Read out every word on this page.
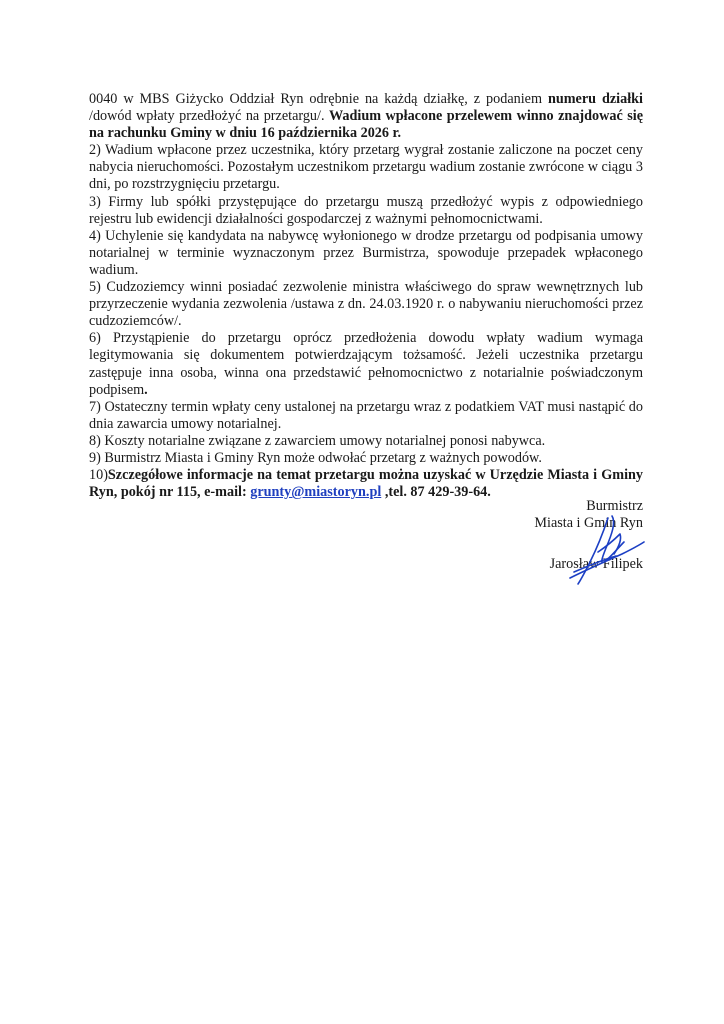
0040 w MBS Giżycko Oddział Ryn odrębnie na każdą działkę, z podaniem numeru działki /dowód wpłaty przedłożyć na przetargu/. Wadium wpłacone przelewem winno znajdować się na rachunku Gminy w dniu 16 października 2026 r.

2) Wadium wpłacone przez uczestnika, który przetarg wygrał zostanie zaliczone na poczet ceny nabycia nieruchomości. Pozostałym uczestnikom przetargu wadium zostanie zwrócone w ciągu 3 dni, po rozstrzygnięciu przetargu.

3) Firmy lub spółki przystępujące do przetargu muszą przedłożyć wypis z odpowiedniego rejestru lub ewidencji działalności gospodarczej z ważnymi pełnomocnictwami.

4) Uchylenie się kandydata na nabywcę wyłonionego w drodze przetargu od podpisania umowy notarialnej w terminie wyznaczonym przez Burmistrza, spowoduje przepadek wpłaconego wadium.

5) Cudzoziemcy winni posiadać zezwolenie ministra właściwego do spraw wewnętrznych lub przyrzeczenie wydania zezwolenia /ustawa z dn. 24.03.1920 r. o nabywaniu nieruchomości przez cudzoziemców/.

6) Przystąpienie do przetargu oprócz przedłożenia dowodu wpłaty wadium wymaga legitymowania się dokumentem potwierdzającym tożsamość. Jeżeli uczestnika przetargu zastępuje inna osoba, winna ona przedstawić pełnomocnictwo z notarialnie poświadczonym podpisem.

7) Ostateczny termin wpłaty ceny ustalonej na przetargu wraz z podatkiem VAT musi nastąpić do dnia zawarcia umowy notarialnej.

8) Koszty notarialne związane z zawarciem umowy notarialnej ponosi nabywca.

9) Burmistrz Miasta i Gminy Ryn może odwołać przetarg z ważnych powodów.

10)Szczegółowe informacje na temat przetargu można uzyskać w Urzędzie Miasta i Gminy Ryn, pokój nr 115, e-mail: grunty@miastoryn.pl ,tel. 87 429-39-64.

Burmistrz
Miasta i Gmin Ryn
Jarosław Filipek
